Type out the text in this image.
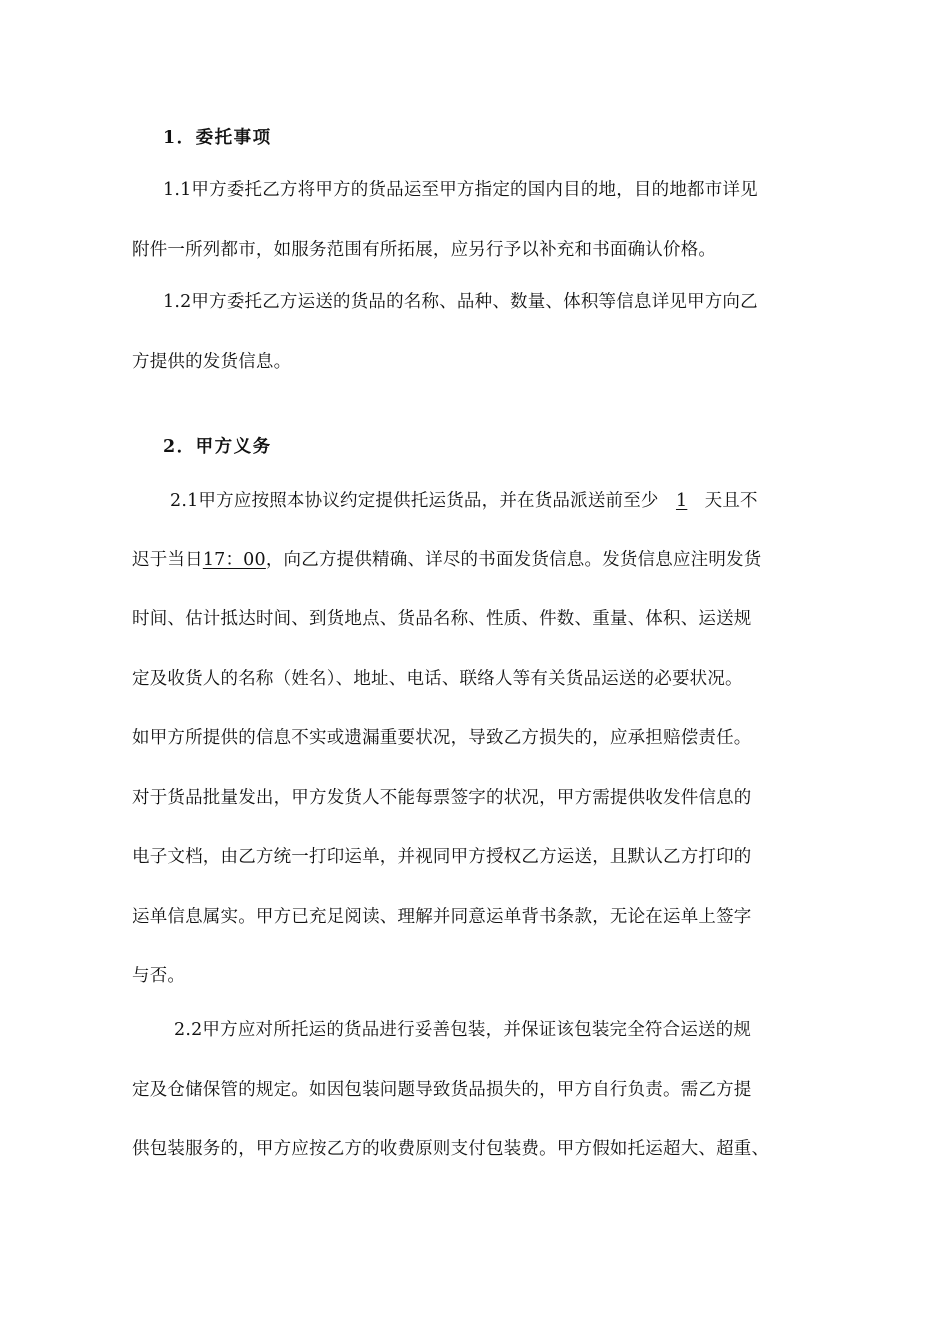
1．委托事项
1.1甲方委托乙方将甲方的货品运至甲方指定的国内目的地，目的地都市详见
附件一所列都市，如服务范围有所拓展，应另行予以补充和书面确认价格。
1.2甲方委托乙方运送的货品的名称、品种、数量、体积等信息详见甲方向乙
方提供的发货信息。
2．甲方义务
2.1甲方应按照本协议约定提供托运货品，并在货品派送前至少 1 天且不
迟于当日17：00，向乙方提供精确、详尽的书面发货信息。发货信息应注明发货
时间、估计抵达时间、到货地点、货品名称、性质、件数、重量、体积、运送规
定及收货人的名称（姓名）、地址、电话、联络人等有关货品运送的必要状况。
如甲方所提供的信息不实或遗漏重要状况，导致乙方损失的，应承担赔偿责任。
对于货品批量发出，甲方发货人不能每票签字的状况，甲方需提供收发件信息的
电子文档，由乙方统一打印运单，并视同甲方授权乙方运送，且默认乙方打印的
运单信息属实。甲方已充足阅读、理解并同意运单背书条款，无论在运单上签字
与否。
2.2甲方应对所托运的货品进行妥善包装，并保证该包装完全符合运送的规
定及仓储保管的规定。如因包装问题导致货品损失的，甲方自行负责。需乙方提
供包装服务的，甲方应按乙方的收费原则支付包装费。甲方假如托运超大、超重、
